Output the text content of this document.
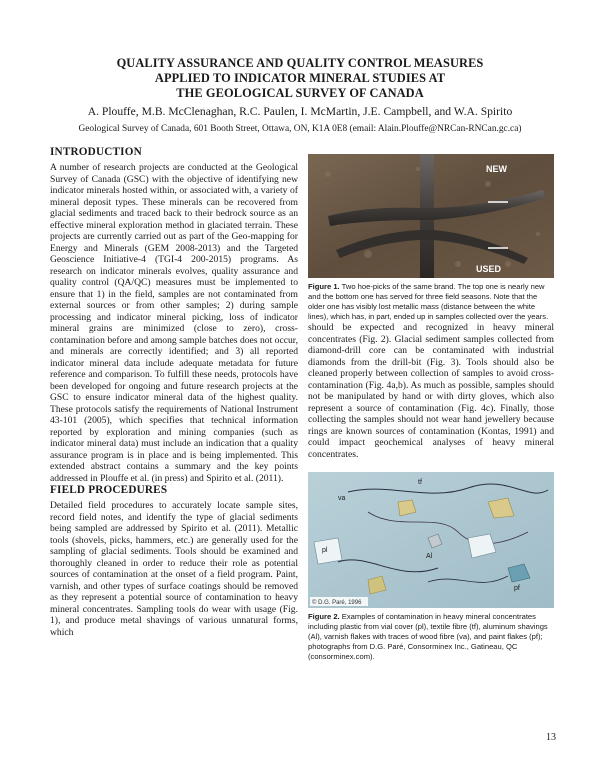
QUALITY ASSURANCE AND QUALITY CONTROL MEASURES
APPLIED TO INDICATOR MINERAL STUDIES AT
THE GEOLOGICAL SURVEY OF CANADA
A. Plouffe, M.B. McClenaghan, R.C. Paulen, I. McMartin, J.E. Campbell, and W.A. Spirito
Geological Survey of Canada, 601 Booth Street, Ottawa, ON, K1A 0E8 (email: Alain.Plouffe@NRCan-RNCan.gc.ca)
INTRODUCTION

A number of research projects are conducted at the Geological Survey of Canada (GSC) with the objective of identifying new indicator minerals hosted within, or associated with, a variety of mineral deposit types. These minerals can be recovered from glacial sediments and traced back to their bedrock source as an effective mineral exploration method in glaciated terrain. These projects are currently carried out as part of the Geo-mapping for Energy and Minerals (GEM 2008-2013) and the Targeted Geoscience Initiative-4 (TGI-4 200-2015) programs. As research on indicator minerals evolves, quality assurance and quality control (QA/QC) measures must be implemented to ensure that 1) in the field, samples are not contaminated from external sources or from other samples; 2) during sample processing and indicator mineral picking, loss of indicator mineral grains are minimized (close to zero), cross-contamination before and among sample batches does not occur, and minerals are correctly identified; and 3) all reported indicator mineral data include adequate metadata for future reference and comparison. To fulfill these needs, protocols have been developed for ongoing and future research projects at the GSC to ensure indicator mineral data of the highest quality. These protocols satisfy the requirements of National Instrument 43-101 (2005), which specifies that technical information reported by exploration and mining companies (such as indicator mineral data) must include an indication that a quality assurance program is in place and is being implemented. This extended abstract contains a summary and the key points addressed in Plouffe et al. (in press) and Spirito et al. (2011).

FIELD PROCEDURES

Detailed field procedures to accurately locate sample sites, record field notes, and identify the type of glacial sediments being sampled are addressed by Spirito et al. (2011). Metallic tools (shovels, picks, hammers, etc.) are generally used for the sampling of glacial sediments. Tools should be examined and thoroughly cleaned in order to reduce their role as potential sources of contamination at the onset of a field program. Paint, varnish, and other types of surface coatings should be removed as they represent a potential source of contamination to heavy mineral concentrates. Sampling tools do wear with usage (Fig. 1), and produce metal shavings of various unnatural forms, which

NEW
USED
Figure 1. Two hoe-picks of the same brand. The top one is nearly new and the bottom one has served for three field seasons. Note that the older one has visibly lost metallic mass (distance between the white lines), which has, in part, ended up in samples collected over the years.

should be expected and recognized in heavy mineral concentrates (Fig. 2). Glacial sediment samples collected from diamond-drill core can be contaminated with industrial diamonds from the drill-bit (Fig. 3). Tools should also be cleaned properly between collection of samples to avoid cross-contamination (Fig. 4a,b). As much as possible, samples should not be manipulated by hand or with dirty gloves, which also represent a source of contamination (Fig. 4c). Finally, those collecting the samples should not wear hand jewellery because rings are known sources of contamination (Kontas, 1991) and could impact geochemical analyses of heavy mineral concentrates.

tf
va
pl
Al
pf
© D.G. Paré, 1996
Figure 2. Examples of contamination in heavy mineral concentrates including plastic from vial cover (pl), textile fibre (tf), aluminum shavings (Al), varnish flakes with traces of wood fibre (va), and paint flakes (pf); photographs from D.G. Paré, Consorminex Inc., Gatineau, QC (consorminex.com).
13
